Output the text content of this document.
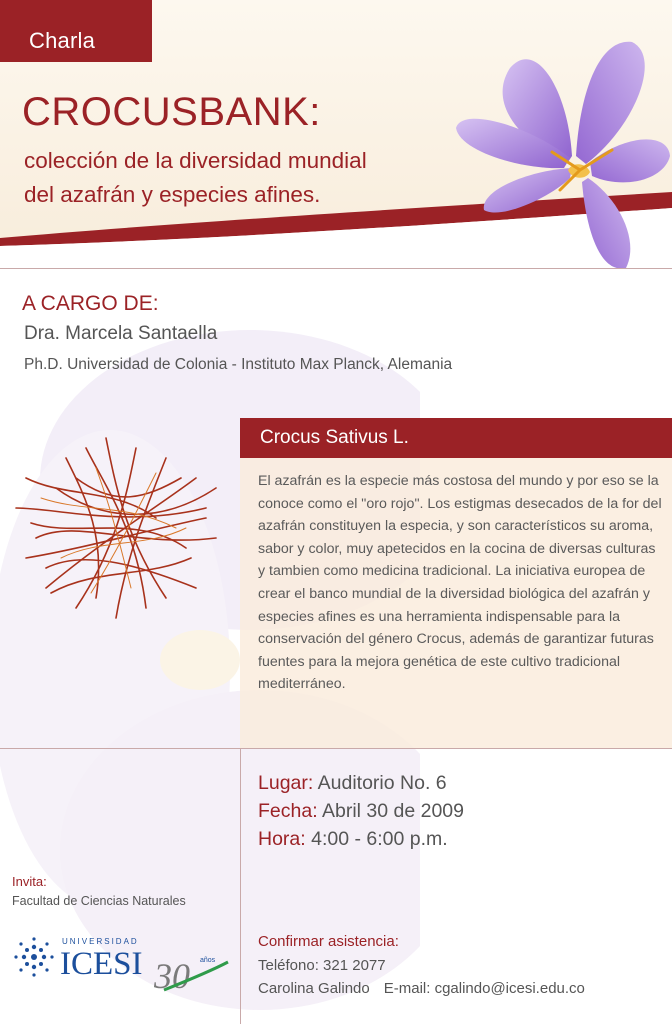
Charla
CROCUSBANK:
colección de la diversidad mundial
del azafrán y especies afines.
A CARGO DE:
Dra. Marcela Santaella
Ph.D. Universidad de Colonia - Instituto Max Planck, Alemania
Crocus Sativus L.

El azafrán es la especie más costosa del mundo y por eso se la conoce como el "oro rojo". Los estigmas desecados de la for del azafrán constituyen la especia, y son característicos su aroma, sabor y color, muy apetecidos en la cocina de diversas culturas y tambien como medicina tradicional. La iniciativa europea de crear el banco mundial de la diversidad biológica del azafrán y especies afines es una herramienta indispensable para la conservación del género Crocus, además de garantizar futuras fuentes para la mejora genética de este cultivo tradicional mediterráneo.

Lugar: Auditorio No. 6
Fecha: Abril 30 de 2009
Hora: 4:00 - 6:00 p.m.
Invita:
Facultad de Ciencias Naturales
UNIVERSIDAD
ICESI 30 años
Confirmar asistencia:
Teléfono: 321 2077
Carolina Galindo E-mail: cgalindo@icesi.edu.co
